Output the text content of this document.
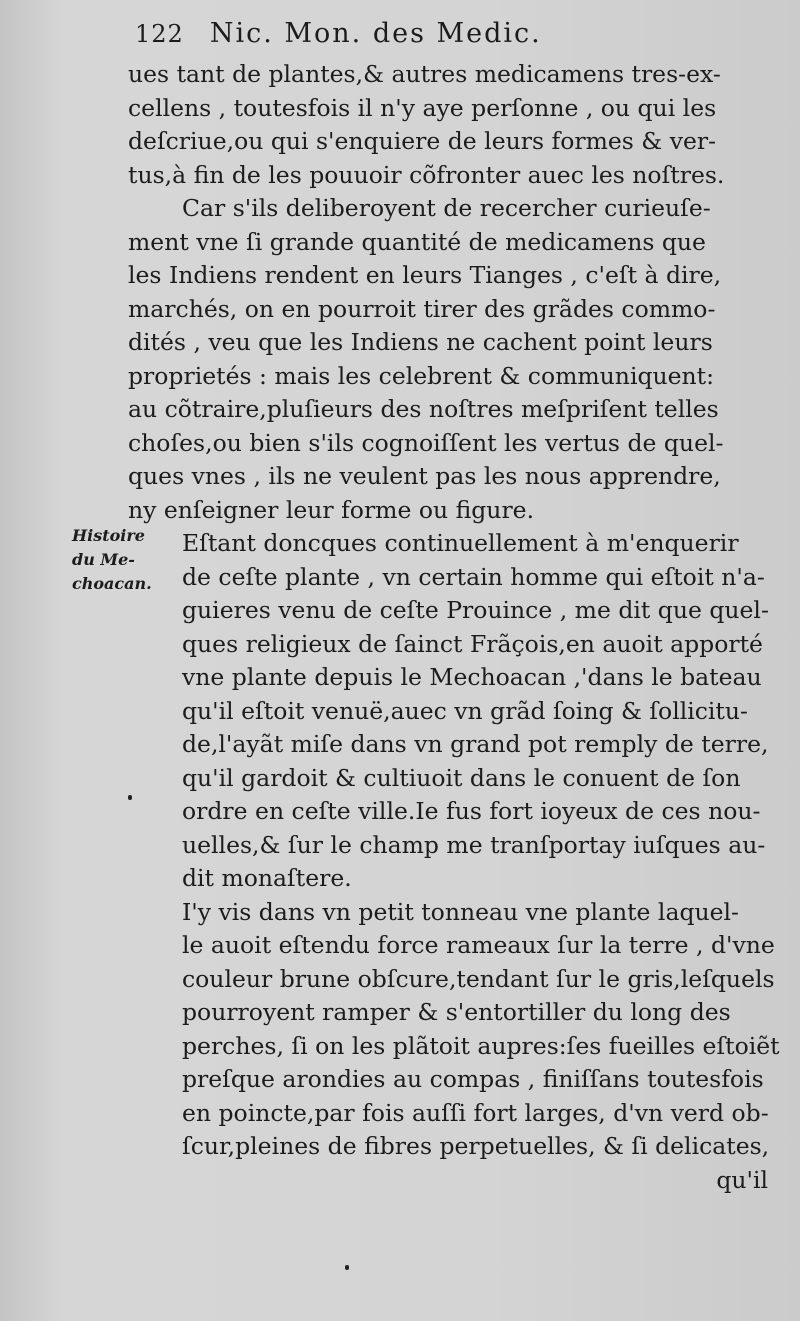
122 Nic. Mon. des Medic.
Histoire
du Me-
choacan.
ues tant de plantes,& autres medicamens tres-ex-
cellens , toutesfois il n'y aye perſonne , ou qui les
deſcriue,ou qui s'enquiere de leurs formes & ver-
tus,à fin de les pouuoir cõfronter auec les noſtres.
Car s'ils deliberoyent de recercher curieuſe-
ment vne ſi grande quantité de medicamens que
les Indiens rendent en leurs Tianges , c'eſt à dire,
marchés, on en pourroit tirer des grãdes commo-
dités , veu que les Indiens ne cachent point leurs
proprietés : mais les celebrent & communiquent:
au cõtraire,pluſieurs des noſtres meſpriſent telles
choſes,ou bien s'ils cognoiſſent les vertus de quel-
ques vnes , ils ne veulent pas les nous apprendre,
ny enſeigner leur forme ou figure.
Eſtant doncques continuellement à m'enquerir
de ceſte plante , vn certain homme qui eſtoit n'a-
guieres venu de ceſte Prouince , me dit que quel-
ques religieux de ſainct Frãçois,en auoit apporté
vne plante depuis le Mechoacan ,'dans le bateau
qu'il eſtoit venuë,auec vn grãd ſoing & ſollicitu-
de,l'ayãt miſe dans vn grand pot remply de terre,
qu'il gardoit & cultiuoit dans le conuent de ſon
ordre en ceſte ville.Ie fus fort ioyeux de ces nou-
uelles,& ſur le champ me tranſportay iuſques au-
dit monaſtere.
I'y vis dans vn petit tonneau vne plante laquel-
le auoit eſtendu force rameaux ſur la terre , d'vne
couleur brune obſcure,tendant ſur le gris,leſquels
pourroyent ramper & s'entortiller du long des
perches, ſi on les plãtoit aupres:ſes fueilles eſtoiẽt
preſque arondies au compas , finiſſans toutesfois
en poincte,par fois auſſi fort larges, d'vn verd ob-
ſcur,pleines de fibres perpetuelles, & ſi delicates,
qu'il
